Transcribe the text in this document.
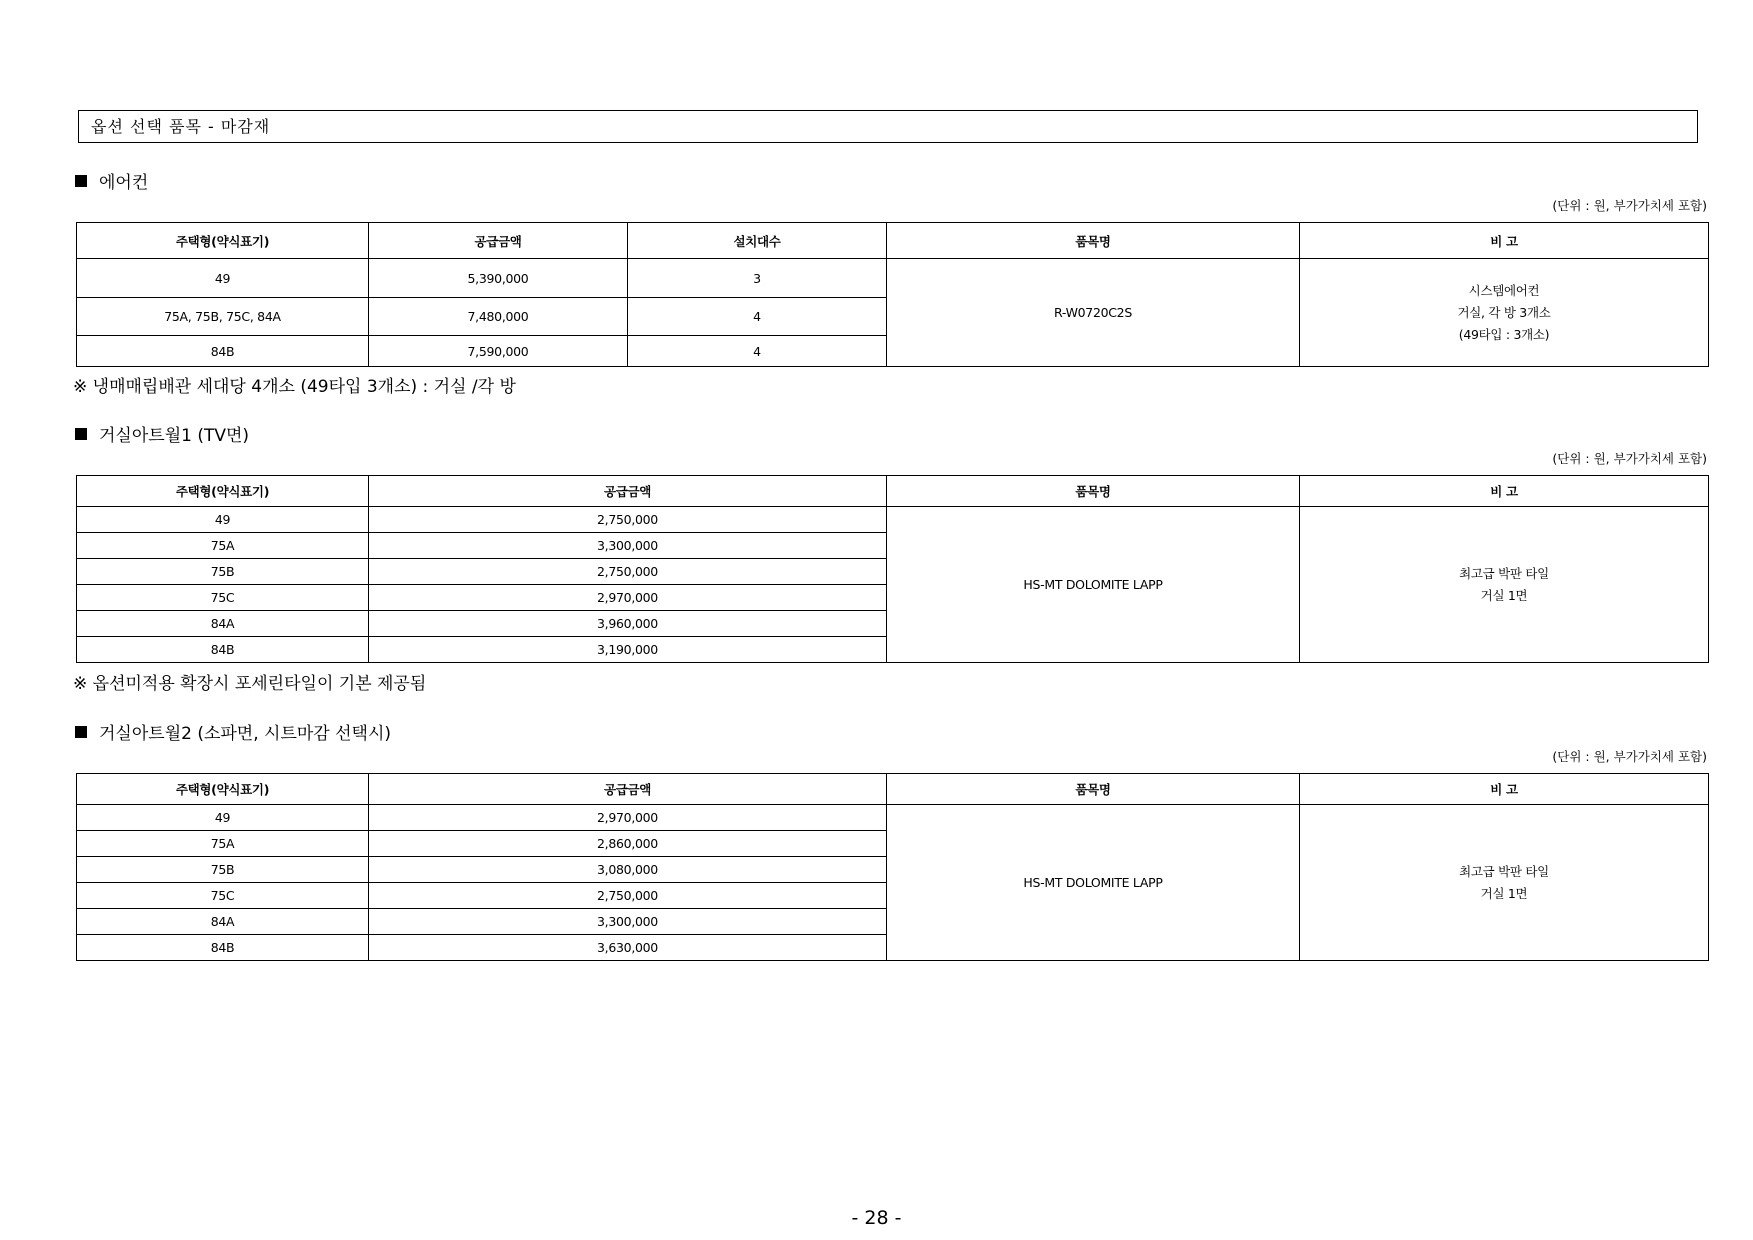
옵션 선택 품목 - 마감재
에어컨
(단위 : 원, 부가가치세 포함)
주택형(약식표기)	공급금액	설치대수	품목명	비 고
49	5,390,000	3	R-W0720C2S	시스템에어컨
거실, 각 방 3개소
(49타입 : 3개소)

75A, 75B, 75C, 84A	7,480,000	4		
84B	7,590,000	4		
※ 냉매매립배관 세대당 4개소 (49타입 3개소) : 거실 /각 방
거실아트월1 (TV면)
(단위 : 원, 부가가치세 포함)
주택형(약식표기)	공급금액	품목명	비 고
49	2,750,000	HS-MT DOLOMITE LAPP	최고급 박판 타일
거실 1면

75A	3,300,000		
75B	2,750,000		
75C	2,970,000		
84A	3,960,000		
84B	3,190,000		
※ 옵션미적용 확장시 포세린타일이 기본 제공됨
거실아트월2 (소파면, 시트마감 선택시)
(단위 : 원, 부가가치세 포함)
주택형(약식표기)	공급금액	품목명	비 고
49	2,970,000	HS-MT DOLOMITE LAPP	최고급 박판 타일
거실 1면

75A	2,860,000		
75B	3,080,000		
75C	2,750,000		
84A	3,300,000		
84B	3,630,000		
- 28 -
